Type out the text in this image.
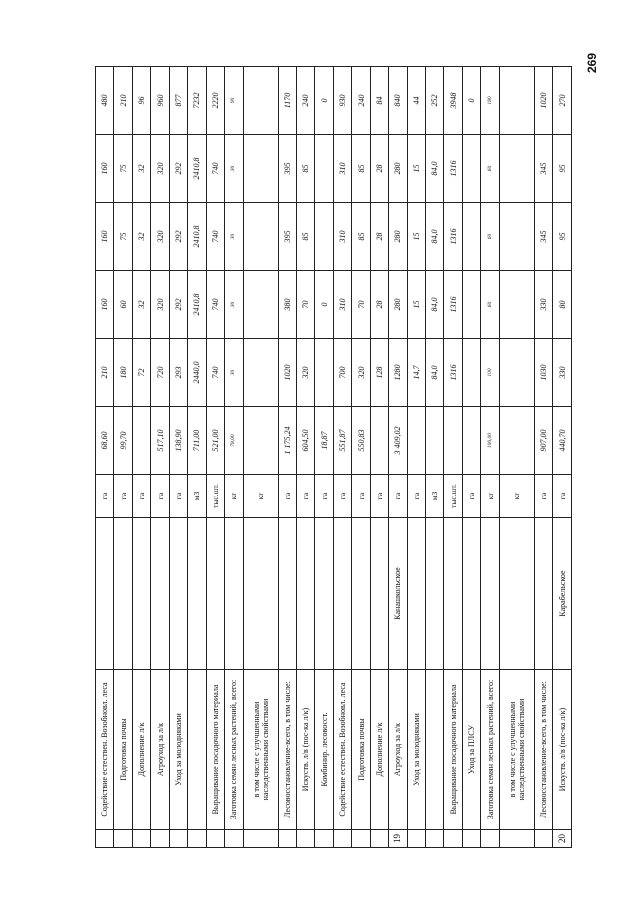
269
	Содействие естествен. Возобновл. леса		га	68,60	210	160	160	160	480
	Подготовка почвы		га	99,70	180	60	75	75	210
	Дополнение л/к		га		72	32	32	32	96
	Агроуход за л/к		га	517,10	720	320	320	320	960
	Уход за молодняками		га	138,90	293	292	292	292	877
			м3	711,00	2440,0	2410,8	2410,8	2410,8	7232
	Выращивание посадочного материала		тыс.шт.	521,00	740	740	740	740	2220
	Заготовка семян лесных растений, всего:		кг	78,00	30	30	30	30	90
	в том числе с улучшенными наследственными свойствами		кг						
	Лесовосстановление-всего, в том числе:		га	1 175,24	1020	380	395	395	1170
	Искуств. л/в (пос-ка л/к)		га	604,50	320	70	85	85	240
	Комбинир. лесовосст.		га	18,87		0			0
	Содействие естествен. Возобновл. леса		га	551,87	700	310	310	310	930
	Подготовка почвы		га	550,83	320	70	85	85	240
	Дополнение л/к		га		128	28	28	28	84
19	Агроуход за л/к	Канашкольское	га	3 409,02	1280	280	280	280	840
	Уход за молодняками		га		14,7	15	15	15	44
			м3		84,0	84,0	84,0	84,0	252
	Выращивание посадочного материала		тыс.шт.		1316	1316	1316	1316	3948
	Уход за ПЛСУ		га						0
	Заготовка семян лесных растений, всего:		кг	100,00	100	60	60	60	180
	в том числе с улучшенными наследственными свойствами		кг						
	Лесовосстановление-всего, в том числе:		га	907,00	1030	330	345	345	1020
20	Искуств. л/в (пос-ка л/к)	Карабельское	га	440,70	330	80	95	95	270
